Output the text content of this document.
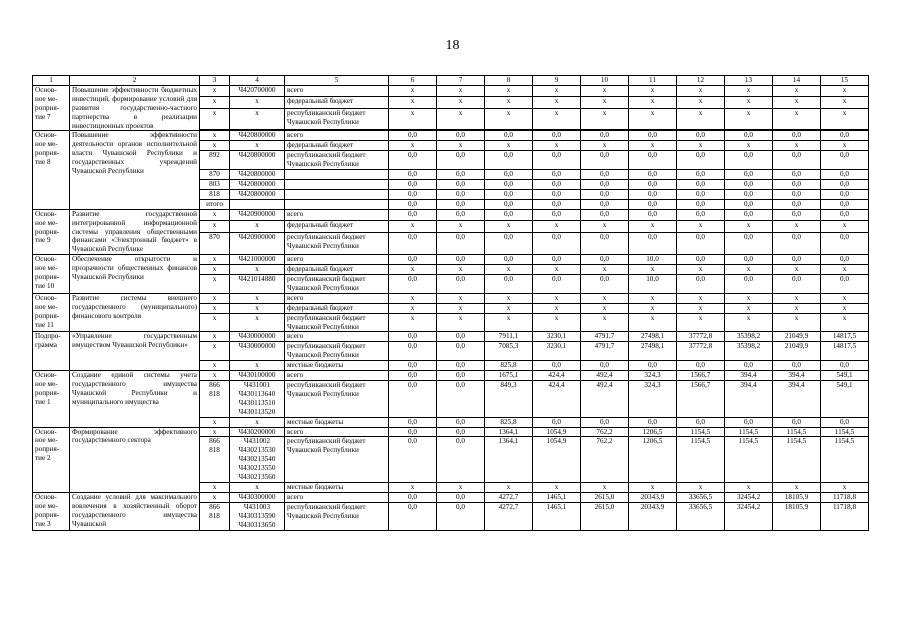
18
1	2	3	4	5	6	7	8	9	10	11	12	13	14	15
Основ-
ное ме-
ропрня-
тие 7	Повышение эффективности бюджетных инвестиций, формирование условий для развития государственно-частного партнерства в реализации инвестиционных проектов	x	Ч420700000	всего	x	x	x	x	x	x	x	x	x	x
		x	x	федеральный бюджет	x	x	x	x	x	x	x	x	x	x
		x	x	республиканский бюджет Чувашской Республики	x	x	x	x	x	x	x	x	x	x

Основ-
ное ме-
ропрня-
тие 8	Повышение эффективности деятельности органов исполнительной власти Чувашской Республики и государственных учреждений Чувашской Республики	x	Ч420800000	всего	0,0	0,0	0,0	0,0	0,0	0,0	0,0	0,0	0,0	0,0
		x	x	федеральный бюджет	x	x	x	x	x	x	x	x	x	x
		892	Ч420800000	республиканский бюджет Чувашской Республики	0,0	0,0	0,0	0,0	0,0	0,0	0,0	0,0	0,0	0,0
		870	Ч420800000		0,0	0,0	0,0	0,0	0,0	0,0	0,0	0,0	0,0	0,0
		803	Ч420800000		0,0	0,0	0,0	0,0	0,0	0,0	0,0	0,0	0,0	0,0
		818	Ч420800000		0,0	0,0	0,0	0,0	0,0	0,0	0,0	0,0	0,0	0,0
		итого			0,0	0,0	0,0	0,0	0,0	0,0	0,0	0,0	0,0	0,0
Основ-
ное ме-
ропрня-
тие 9	Развитие государственной интегрированной информационной системы управления общественными финансами «Электронный бюджет» в Чувашской Республике	x	Ч420900000	всего	0,0	0,0	0,0	0,0	0,0	0,0	0,0	0,0	0,0	0,0
		x	x	федеральный бюджет	x	x	x	x	x	x	x	x	x	x
		870	Ч420900000	республиканский бюджет Чувашской Республики	0,0	0,0	0,0	0,0	0,0	0,0	0,0	0,0	0,0	0,0
Основ-
ное ме-
ропрня-
тие 10	Обеспечение открытости и прозрачности общественных финансов Чувашской Республики	x	Ч421000000	всего	0,0	0,0	0,0	0,0	0,0	10,0	0,0	0,0	0,0	0,0
		x	x	федеральный бюджет	x	x	x	x	x	x	x	x	x	x
		x	Ч421014880	республиканский бюджет Чувашской Республики	0,0	0,0	0,0	0,0	0,0	10,0	0,0	0,0	0,0	0,0
Основ-
ное ме-
ропрня-
тие 11	Развитие системы внешнего государственного (муниципального) финансового контроля	x	x	всего	x	x	x	x	x	x	x	x	x	x
		x	x	федеральный бюджет	x	x	x	x	x	x	x	x	x	x
		x	x	республиканский бюджет Чувашской Республики	x	x	x	x	x	x	x	x	x	x
Подпро-
грамма	«Управление государственным имуществом Чувашской Республики»	x	Ч430000000	всего	0,0	0,0	7911,1	3230,1	4791,7	27498,1	37772,8	35398,2	21049,9	14817,5
		x	Ч430000000	республиканский бюджет Чувашской Республики	0,0	0,0	7085,3	3230,1	4791,7	27498,1	37772,8	35398,2	21049,9	14817,5
		x	x	местные бюджеты	0,0	0,0	825,8	0,0	0,0	0,0	0,0	0,0	0,0	0,0
Основ-
ное ме-
ропрня-
тие 1	Создание единой системы учета государственного имущества Чувашской Республики и муниципального имущества	x	Ч430100000	всего	0,0	0,0	1675,1	424,4	492,4	324,3	1566,7	394,4	394,4	549,1
		866
818	Ч431001
Ч430113640
Ч430113510
Ч430113520	республиканский бюджет Чувашской Республики	0,0	0,0	849,3	424,4	492,4	324,3	1566,7	394,4	394,4	549,1
		x	x	местные бюджеты	0,0	0,0	825,8	0,0	0,0	0,0	0,0	0,0	0,0	0,0
Основ-
ное ме-
ропрня-
тие 2	Формирование эффективного государственного сектора	x	Ч430200000	всего	0,0	0,0	1364,1	1054,9	762,2	1206,5	1154,5	1154,5	1154,5	1154,5
		866
818	Ч431002
Ч430213530
Ч430213540
Ч430213550
Ч430213560	республиканский бюджет Чувашской Республики	0,0	0,0	1364,1	1054,9	762,2	1206,5	1154,5	1154,5	1154,5	1154,5
		x	x	местные бюджеты	x	x	x	x	x	x	x	x	x	x
Основ-
ное ме-
ропрня-
тие 3	Создание условий для максимального вовлечения в хозяйственный оборот государственного имущества Чувашской	x	Ч430300000	всего	0,0	0,0	4272,7	1465,1	2615,0	20343,9	33656,5	32454,2	18105,9	11718,8
		866
818	Ч431003
Ч430313590
Ч430313650	республиканский бюджет Чувашской Республики	0,0	0,0	4272,7	1465,1	2615,0	20343,9	33656,5	32454,2	18105,9	11718,8
